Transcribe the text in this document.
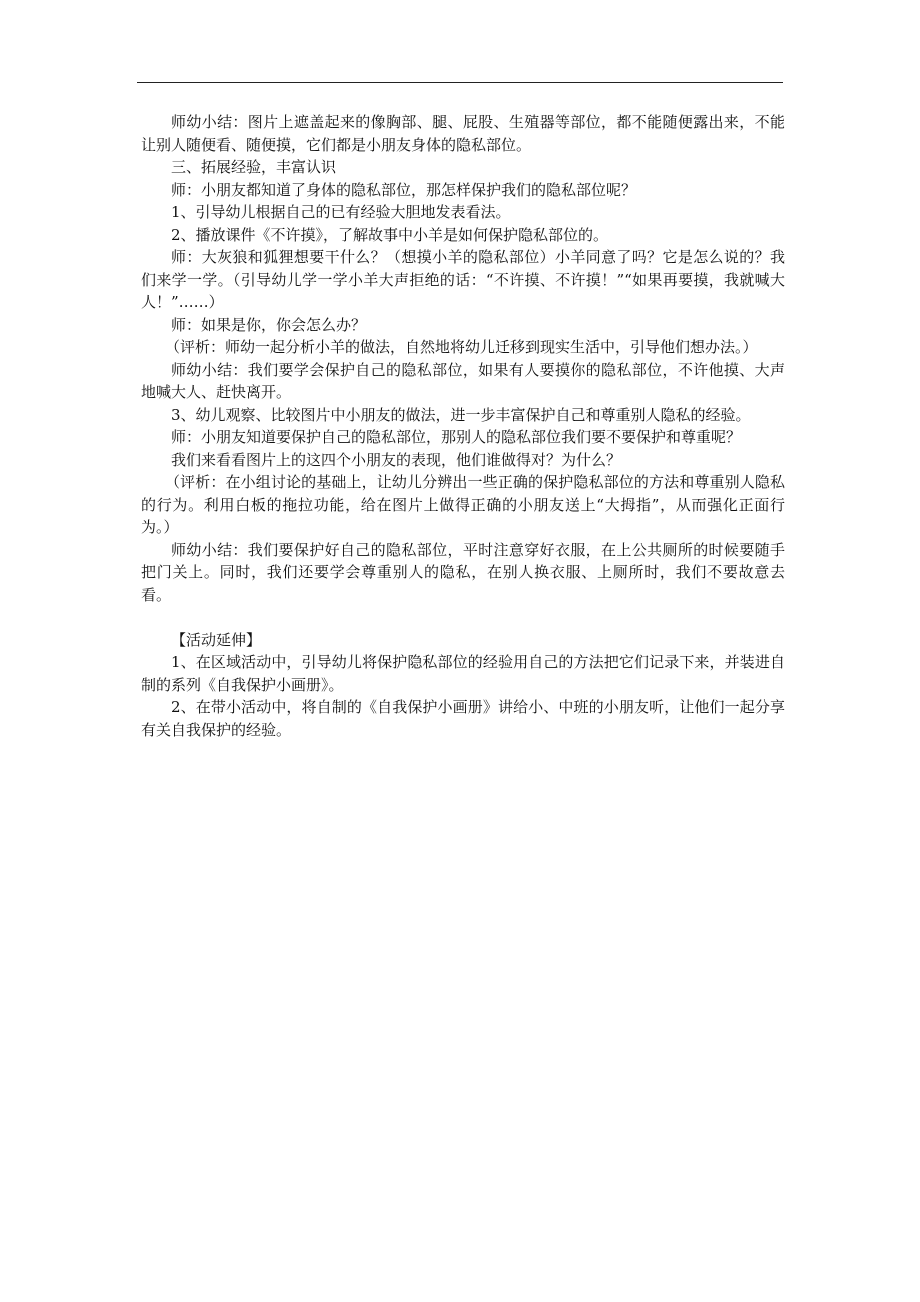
师幼小结：图片上遮盖起来的像胸部、腿、屁股、生殖器等部位，都不能随便露出来，不能让别人随便看、随便摸，它们都是小朋友身体的隐私部位。

三、拓展经验，丰富认识

师：小朋友都知道了身体的隐私部位，那怎样保护我们的隐私部位呢？

1、引导幼儿根据自己的已有经验大胆地发表看法。

2、播放课件《不许摸》，了解故事中小羊是如何保护隐私部位的。

师：大灰狼和狐狸想要干什么？（想摸小羊的隐私部位）小羊同意了吗？它是怎么说的？我们来学一学。（引导幼儿学一学小羊大声拒绝的话：“不许摸、不许摸！”“如果再要摸，我就喊大人！”……）

师：如果是你，你会怎么办？

（评析：师幼一起分析小羊的做法，自然地将幼儿迁移到现实生活中，引导他们想办法。）

师幼小结：我们要学会保护自己的隐私部位，如果有人要摸你的隐私部位，不许他摸、大声地喊大人、赶快离开。

3、幼儿观察、比较图片中小朋友的做法，进一步丰富保护自己和尊重别人隐私的经验。

师：小朋友知道要保护自己的隐私部位，那别人的隐私部位我们要不要保护和尊重呢？

我们来看看图片上的这四个小朋友的表现，他们谁做得对？为什么？

（评析：在小组讨论的基础上，让幼儿分辨出一些正确的保护隐私部位的方法和尊重别人隐私的行为。利用白板的拖拉功能，给在图片上做得正确的小朋友送上“大拇指”，从而强化正面行为。）

师幼小结：我们要保护好自己的隐私部位，平时注意穿好衣服，在上公共厕所的时候要随手把门关上。同时，我们还要学会尊重别人的隐私，在别人换衣服、上厕所时，我们不要故意去看。

【活动延伸】

1、在区域活动中，引导幼儿将保护隐私部位的经验用自己的方法把它们记录下来，并装进自制的系列《自我保护小画册》。

2、在带小活动中，将自制的《自我保护小画册》讲给小、中班的小朋友听，让他们一起分享有关自我保护的经验。
